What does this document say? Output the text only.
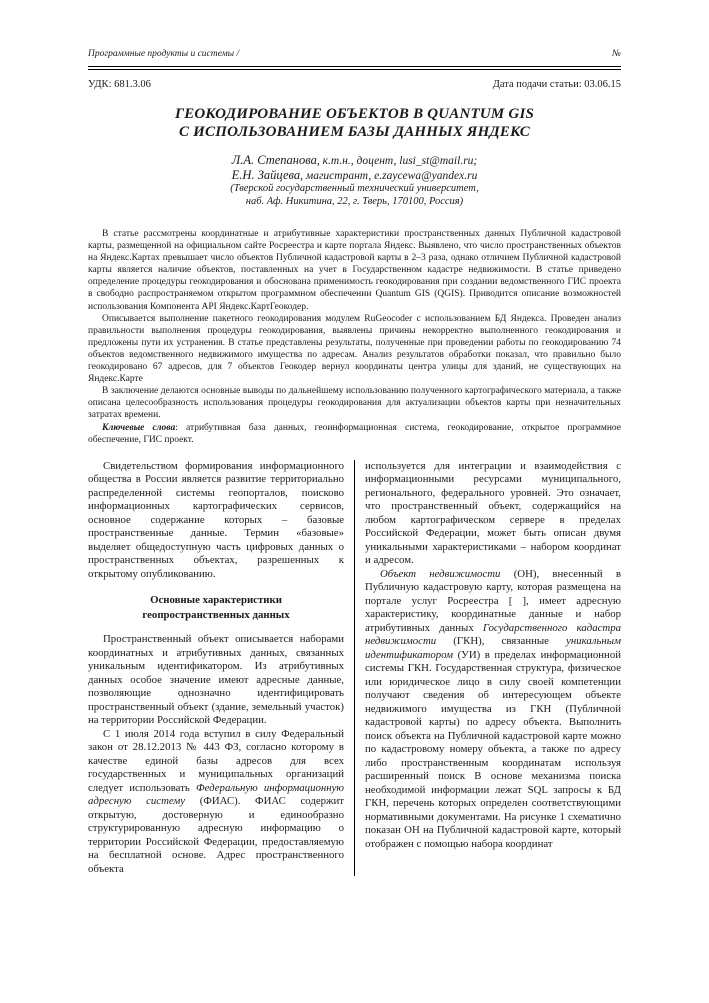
Программные продукты и системы /	№
УДК: 681.3.06	Дата подачи статьи: 03.06.15
ГЕОКОДИРОВАНИЕ ОБЪЕКТОВ В QUANTUM GIS
С ИСПОЛЬЗОВАНИЕМ БАЗЫ ДАННЫХ ЯНДЕКС
Л.А. Степанова, к.т.н., доцент, lusi_st@mail.ru;
Е.Н. Зайцева, магистрант, e.zaycewa@yandex.ru
(Тверской государственный технический университет,
наб. Аф. Никитина, 22, г. Тверь, 170100, Россия)

В статье рассмотрены координатные и атрибутивные характеристики пространственных данных Публичной кадастровой карты, размещенной на официальном сайте Росреестра и карте портала Яндекс. Выявлено, что число пространственных объектов на Яндекс.Картах превышает число объектов Публичной кадастровой карты в 2–3 раза, однако отличием Публичной кадастровой карты является наличие объектов, поставленных на учет в Государственном кадастре недвижимости. В статье приведено определение процедуры геокодирования и обоснована применимость геокодирования при создании ведомственного ГИС проекта в свободно распространяемом открытом программном обеспечении Quantum GIS (QGIS). Приводится описание возможностей использования Компонента API Яндекс.КартГеокодер.

Описывается выполнение пакетного геокодирования модулем RuGeocoder с использованием БД Яндекса. Проведен анализ правильности выполнения процедуры геокодирования, выявлены причины некорректно выполненного геокодирования и предложены пути их устранения. В статье представлены результаты, полученные при проведении работы по геокодированию 74 объектов ведомственного недвижимого имущества по адресам. Анализ результатов обработки показал, что правильно было геокодировано 67 адресов, для 7 объектов Геокодер вернул координаты центра улицы для зданий, не существующих на Яндекс.Карте

В заключение делаются основные выводы по дальнейшему использованию полученного картографического материала, а также описана целесообразность использования процедуры геокодирования для актуализации объектов карты при незначительных затратах времени.

Ключевые слова: атрибутивная база данных, геоинформационная система, геокодирование, открытое программное обеспечение, ГИС проект.

Свидетельством формирования информационного общества в России является развитие территориально распределенной системы геопорталов, поисково информационных картографических сервисов, основное содержание которых – базовые пространственные данные. Термин «базовые» выделяет общедоступную часть цифровых данных о пространственных объектах, разрешенных к открытому опубликованию.

Основные характеристики
геопространственных данных

Пространственный объект описывается наборами координатных и атрибутивных данных, связанных уникальным идентификатором. Из атрибутивных данных особое значение имеют адресные данные, позволяющие однозначно идентифицировать пространственный объект (здание, земельный участок) на территории Российской Федерации.

С 1 июля 2014 года вступил в силу Федеральный закон от 28.12.2013 № 443 ФЗ, согласно которому в качестве единой базы адресов для всех государственных и муниципальных организаций следует использовать Федеральную информационную адресную систему (ФИАС). ФИАС содержит открытую, достоверную и единообразно структурированную адресную информацию о территории Российской Федерации, предоставляемую на бесплатной основе. Адрес пространственного объекта

используется для интеграции и взаимодействия с информационными ресурсами муниципального, регионального, федерального уровней. Это означает, что пространственный объект, содержащийся на любом картографическом сервере в пределах Российской Федерации, может быть описан двумя уникальными характеристиками – набором координат и адресом.

Объект недвижимости (ОН), внесенный в Публичную кадастровую карту, которая размещена на портале услуг Росреестра [ ], имеет адресную характеристику, координатные данные и набор атрибутивных данных Государственного кадастра недвижимости (ГКН), связанные уникальным идентификатором (УИ) в пределах информационной системы ГКН. Государственная структура, физическое или юридическое лицо в силу своей компетенции получают сведения об интересующем объекте недвижимого имущества из ГКН (Публичной кадастровой карты) по адресу объекта. Выполнить поиск объекта на Публичной кадастровой карте можно по кадастровому номеру объекта, а также по адресу либо пространственным координатам используя расширенный поиск В основе механизма поиска необходимой информации лежат SQL запросы к БД ГКН, перечень которых определен соответствующими нормативными документами. На рисунке 1 схематично показан ОН на Публичной кадастровой карте, который отображен с помощью набора координат
